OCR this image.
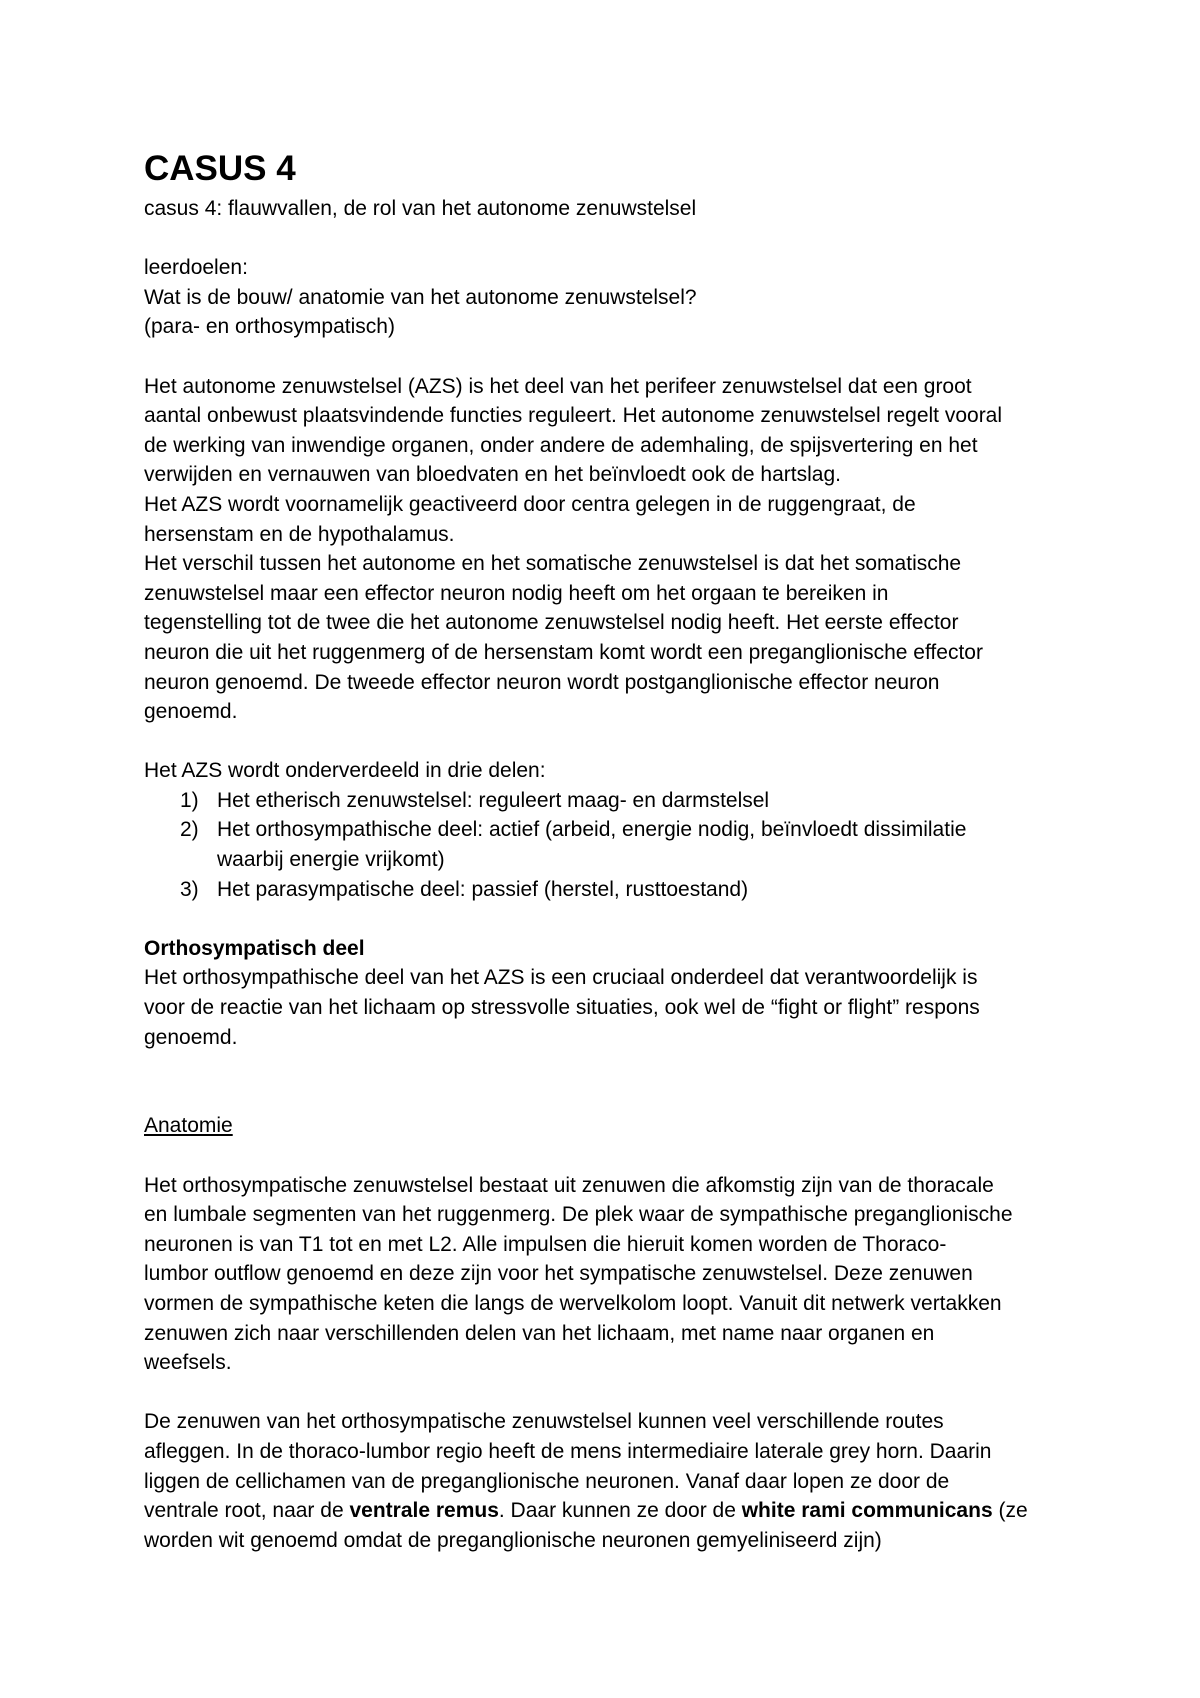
CASUS 4

casus 4: flauwvallen, de rol van het autonome zenuwstelsel

leerdoelen:

Wat is de bouw/ anatomie van het autonome zenuwstelsel?

(para- en orthosympatisch)

Het autonome zenuwstelsel (AZS) is het deel van het perifeer zenuwstelsel dat een groot

aantal onbewust plaatsvindende functies reguleert. Het autonome zenuwstelsel regelt vooral

de werking van inwendige organen, onder andere de ademhaling, de spijsvertering en het

verwijden en vernauwen van bloedvaten en het beïnvloedt ook de hartslag.

Het AZS wordt voornamelijk geactiveerd door centra gelegen in de ruggengraat, de

hersenstam en de hypothalamus.

Het verschil tussen het autonome en het somatische zenuwstelsel is dat het somatische

zenuwstelsel maar een effector neuron nodig heeft om het orgaan te bereiken in

tegenstelling tot de twee die het autonome zenuwstelsel nodig heeft. Het eerste effector

neuron die uit het ruggenmerg of de hersenstam komt wordt een preganglionische effector

neuron genoemd. De tweede effector neuron wordt postganglionische effector neuron

genoemd.

Het AZS wordt onderverdeeld in drie delen:

1) Het etherisch zenuwstelsel: reguleert maag- en darmstelsel
2) Het orthosympathische deel: actief (arbeid, energie nodig, beïnvloedt dissimilatie
waarbij energie vrijkomt)
3) Het parasympatische deel: passief (herstel, rusttoestand)

Orthosympatisch deel

Het orthosympathische deel van het AZS is een cruciaal onderdeel dat verantwoordelijk is

voor de reactie van het lichaam op stressvolle situaties, ook wel de “fight or flight” respons

genoemd.

Anatomie

Het orthosympatische zenuwstelsel bestaat uit zenuwen die afkomstig zijn van de thoracale

en lumbale segmenten van het ruggenmerg. De plek waar de sympathische preganglionische

neuronen is van T1 tot en met L2. Alle impulsen die hieruit komen worden de Thoraco-

lumbor outflow genoemd en deze zijn voor het sympatische zenuwstelsel. Deze zenuwen

vormen de sympathische keten die langs de wervelkolom loopt. Vanuit dit netwerk vertakken

zenuwen zich naar verschillenden delen van het lichaam, met name naar organen en

weefsels.

De zenuwen van het orthosympatische zenuwstelsel kunnen veel verschillende routes

afleggen. In de thoraco-lumbor regio heeft de mens intermediaire laterale grey horn. Daarin

liggen de cellichamen van de preganglionische neuronen. Vanaf daar lopen ze door de

ventrale root, naar de ventrale remus. Daar kunnen ze door de white rami communicans (ze

worden wit genoemd omdat de preganglionische neuronen gemyeliniseerd zijn)
